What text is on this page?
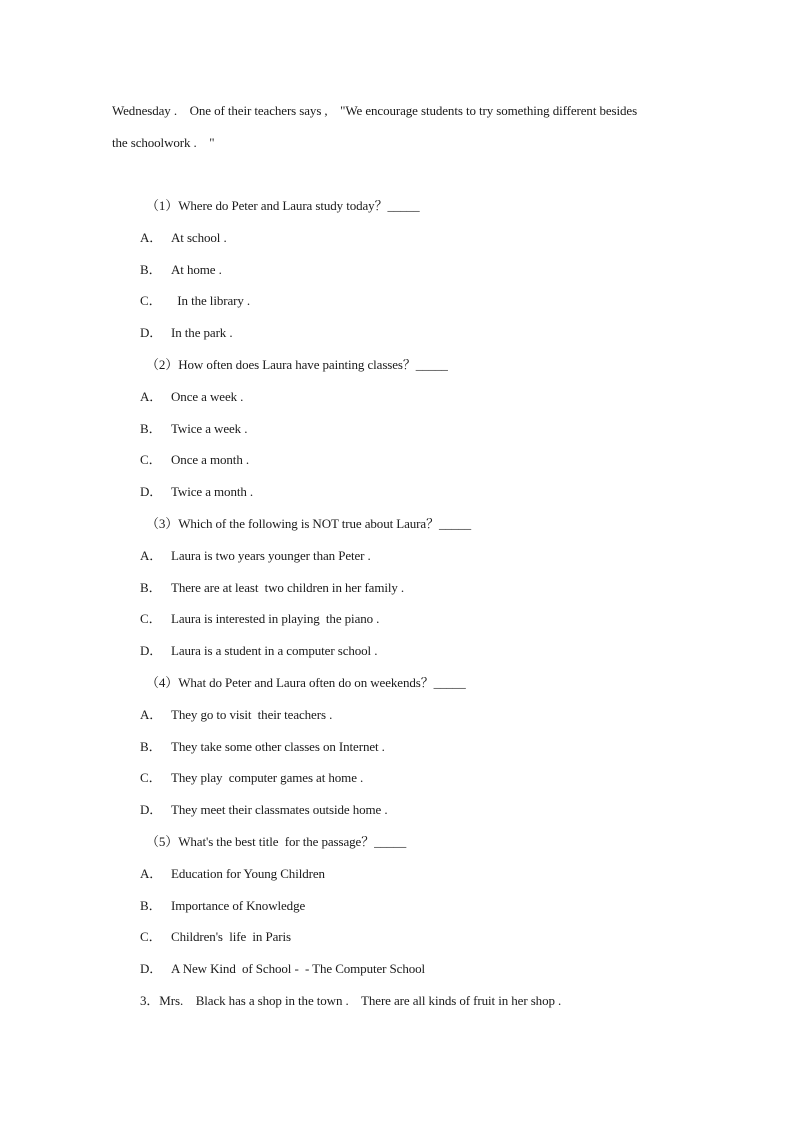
Wednesday .    One of their teachers says ,    "We encourage students to try something different besides
the schoolwork .    "
（1）Where do Peter and Laura study today？_____
A． At school .
B． At home .
C．  In the library .
D． In the park .
（2）How often does Laura have painting classes？_____
A． Once a week .
B． Twice a week .
C． Once a month .
D． Twice a month .
（3）Which of the following is NOT true about Laura？_____
A． Laura is two years younger than Peter .
B． There are at least  two children in her family .
C． Laura is interested in playing  the piano .
D． Laura is a student in a computer school .
（4）What do Peter and Laura often do on weekends？_____
A． They go to visit  their teachers .
B． They take some other classes on Internet .
C． They play  computer games at home .
D． They meet their classmates outside home .
（5）What's the best title  for the passage？_____
A． Education for Young Children
B． Importance of Knowledge
C． Children's  life  in Paris
D． A New Kind  of School -  - The Computer School
3．Mrs.    Black has a shop in the town .    There are all kinds of fruit in her shop .
